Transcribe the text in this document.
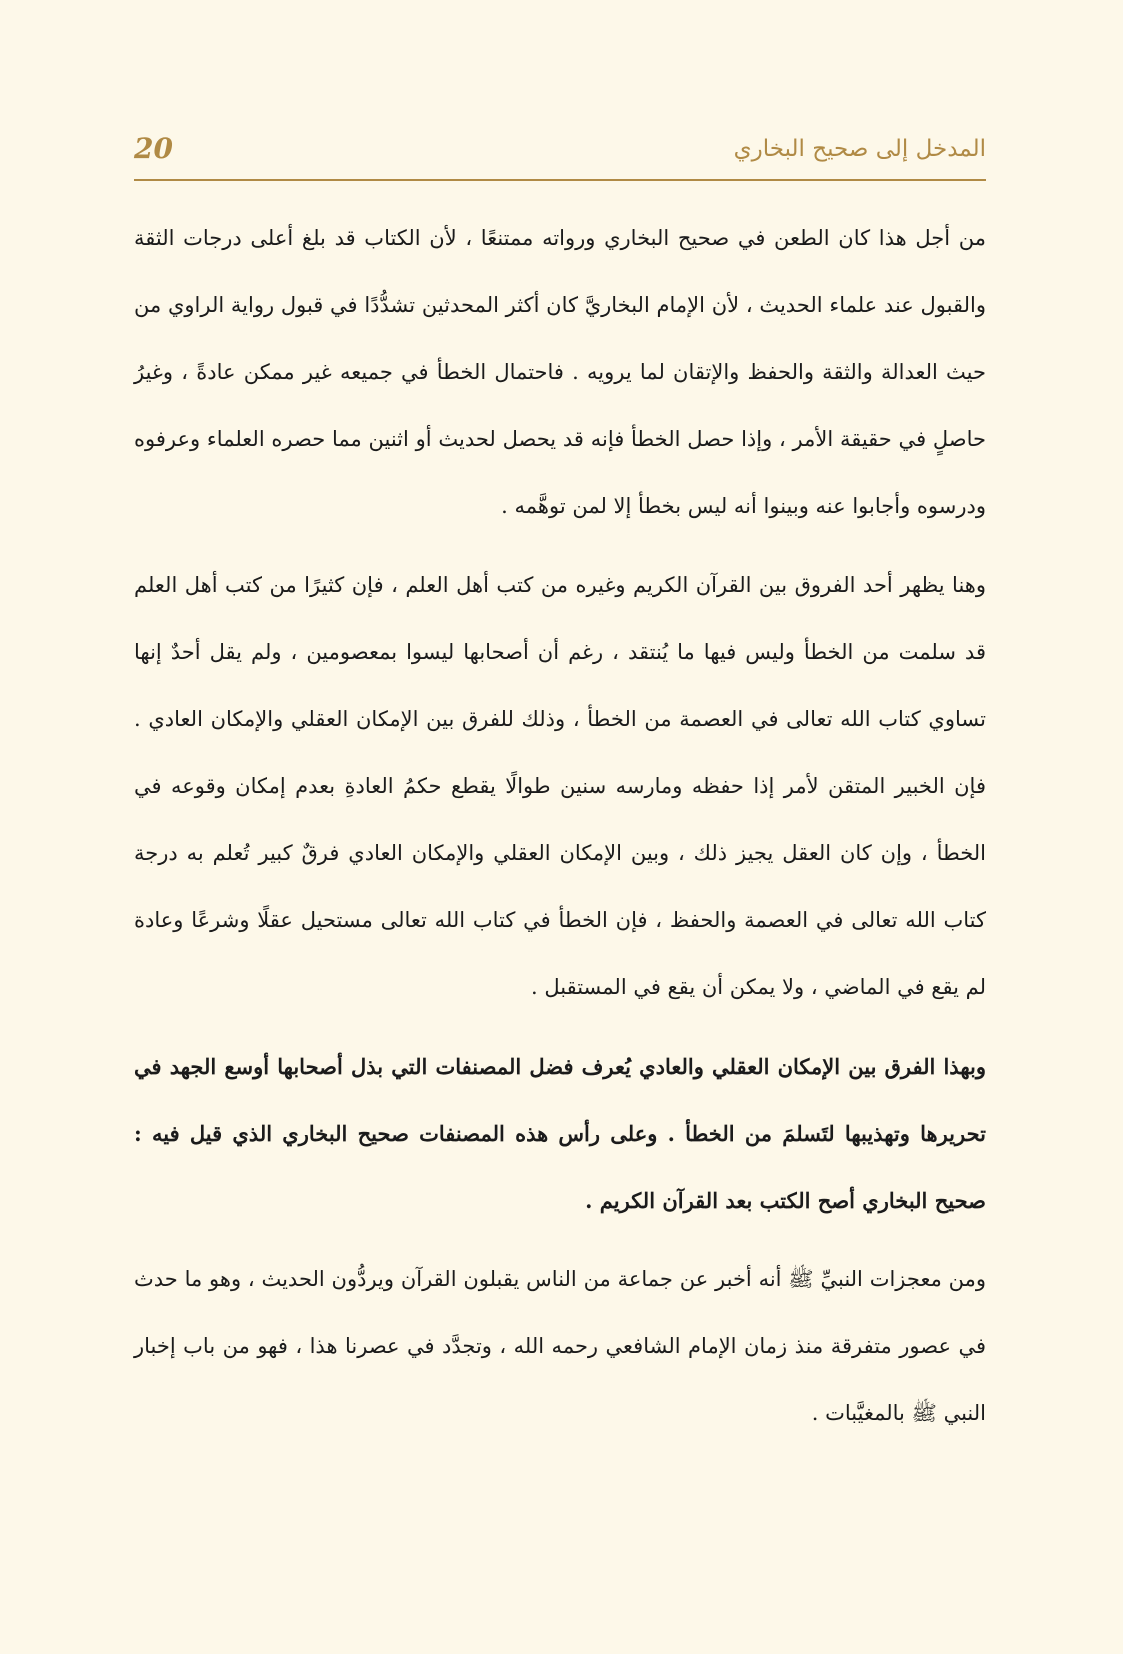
المدخل إلى صحيح البخاري
20

من أجل هذا كان الطعن في صحيح البخاري ورواته ممتنعًا ، لأن الكتاب قد بلغ أعلى درجات الثقة والقبول عند علماء الحديث ، لأن الإمام البخاريَّ كان أكثر المحدثين تشدُّدًا في قبول رواية الراوي من حيث العدالة والثقة والحفظ والإتقان لما يرويه . فاحتمال الخطأ في جميعه غير ممكن عادةً ، وغيرُ حاصلٍ في حقيقة الأمر ، وإذا حصل الخطأ فإنه قد يحصل لحديث أو اثنين مما حصره العلماء وعرفوه ودرسوه وأجابوا عنه وبينوا أنه ليس بخطأ إلا لمن توهَّمه .

وهنا يظهر أحد الفروق بين القرآن الكريم وغيره من كتب أهل العلم ، فإن كثيرًا من كتب أهل العلم قد سلمت من الخطأ وليس فيها ما يُنتقد ، رغم أن أصحابها ليسوا بمعصومين ، ولم يقل أحدٌ إنها تساوي كتاب الله تعالى في العصمة من الخطأ ، وذلك للفرق بين الإمكان العقلي والإمكان العادي . فإن الخبير المتقن لأمر إذا حفظه ومارسه سنين طوالًا يقطع حكمُ العادةِ بعدم إمكان وقوعه في الخطأ ، وإن كان العقل يجيز ذلك ، وبين الإمكان العقلي والإمكان العادي فرقٌ كبير تُعلم به درجة كتاب الله تعالى في العصمة والحفظ ، فإن الخطأ في كتاب الله تعالى مستحيل عقلًا وشرعًا وعادة لم يقع في الماضي ، ولا يمكن أن يقع في المستقبل .

وبهذا الفرق بين الإمكان العقلي والعادي يُعرف فضل المصنفات التي بذل أصحابها أوسع الجهد في تحريرها وتهذيبها لتَسلمَ من الخطأ . وعلى رأس هذه المصنفات صحيح البخاري الذي قيل فيه : صحيح البخاري أصح الكتب بعد القرآن الكريم .

ومن معجزات النبيِّ ﷺ أنه أخبر عن جماعة من الناس يقبلون القرآن ويردُّون الحديث ، وهو ما حدث في عصور متفرقة منذ زمان الإمام الشافعي رحمه الله ، وتجدَّد في عصرنا هذا ، فهو من باب إخبار النبي ﷺ بالمغيَّبات .
